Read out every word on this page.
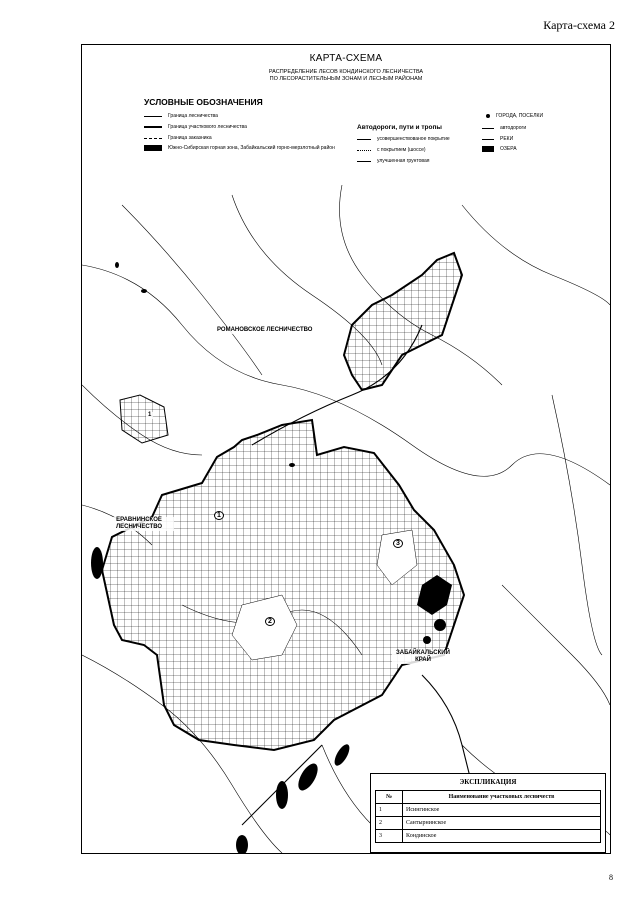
Карта-схема 2
КАРТА-СХЕМА
РАСПРЕДЕЛЕНИЕ ЛЕСОВ КОНДИНСКОГО ЛЕСНИЧЕСТВА
ПО ЛЕСОРАСТИТЕЛЬНЫМ ЗОНАМ И ЛЕСНЫМ РАЙОНАМ
УСЛОВНЫЕ ОБОЗНАЧЕНИЯ
Граница лесничества
Граница участкового лесничества
Граница заказника
Южно-Сибирская горная зона, Забайкальский горно-мерзлотный район
Автодороги, пути и тропы
усовершенствованое покрытие
с покрытием (шоссе)
улучшенная грунтовая
ГОРОДА, ПОСЕЛКИ
автодороги
РЕКИ
ОЗЕРА
РОМАНОВСКОЕ ЛЕСНИЧЕСТВО
ЕРАВНИНСКОЕ ЛЕСНИЧЕСТВО
ЗАБАЙКАЛЬСКИЙ КРАЙ
1
1
2
3
ЭКСПЛИКАЦИЯ
№	Наименование участковых лесничеств
1	Исингинское
2	Сантырнинское
3	Кондинское
8
